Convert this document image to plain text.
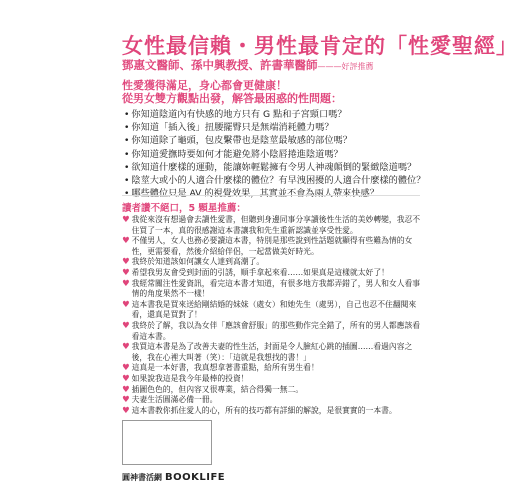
女性最信賴・男性最肯定的「性愛聖經」
鄧惠文醫師、孫中興教授、許書華醫師———好評推薦
性愛獲得滿足，身心都會更健康！
從男女雙方觀點出發，解答最困惑的性問題：
• 你知道陰道內有快感的地方只有 G 點和子宮頸口嗎？
• 你知道「插入後」扭腰擺臀只是無端消耗體力嗎？
• 你知道除了龜頭，包皮繫帶也是陰莖最敏感的部位嗎？
• 你知道愛撫時要如何才能避免將小陰唇捲進陰道嗎？
• 欲知道什麼樣的運動，能讓妳輕鬆擁有令男人神魂顛倒的緊緻陰道嗎？
• 陰莖大或小的人適合什麼樣的體位？有早洩困擾的人適合什麼樣的體位？
• 哪些體位只是 AV 的視覺效果，其實並不會為兩人帶來快感？
讀者讚不絕口，5 顆星推薦：
♥ 我從來沒有想過會去讀性愛書，但聽到身邊同事分享讀後性生活的美妙轉變，我忍不住買了一本，真的很感謝這本書讓我和先生重新認識並享受性愛。
♥ 不僅男人，女人也務必要讀這本書，特別是那些說到性話題就顯得有些難為情的女性，更需要看，然後介紹給伴侶，一起當做美好時光。
♥ 我終於知道該如何讓女人達到高潮了。
♥ 希望我男友會受到封面的引誘，順手拿起來看……如果真是這樣就太好了！
♥ 我經常關注性愛資訊，看完這本書才知道，有很多地方我都弄錯了，男人和女人看事情的角度果然不一樣！
♥ 這本書我是買來送給剛結婚的妹妹（處女）和她先生（處男），自己也忍不住翻閱來看，還真是買對了！
♥ 我終於了解，我以為女伴「應該會舒服」的那些動作完全錯了，所有的男人都應該看看這本書。
♥ 我買這本書是為了改善夫妻的性生活，封面是令人臉紅心跳的插圖……看過內容之後，我在心裡大叫著（笑）：「這就是我想找的書！」
♥ 這真是一本好書，我真想拿著書重點，給所有男生看！
♥ 如果說我這是我今年最棒的投資！
♥ 插圖色色的，但內容又很專業，結合得獨一無二。
♥ 夫妻生活圓滿必備一冊。
♥ 這本書教你抓住愛人的心，所有的技巧都有詳細的解說，是很實實的一本書。
圓神書活網 BOOKLIFE
